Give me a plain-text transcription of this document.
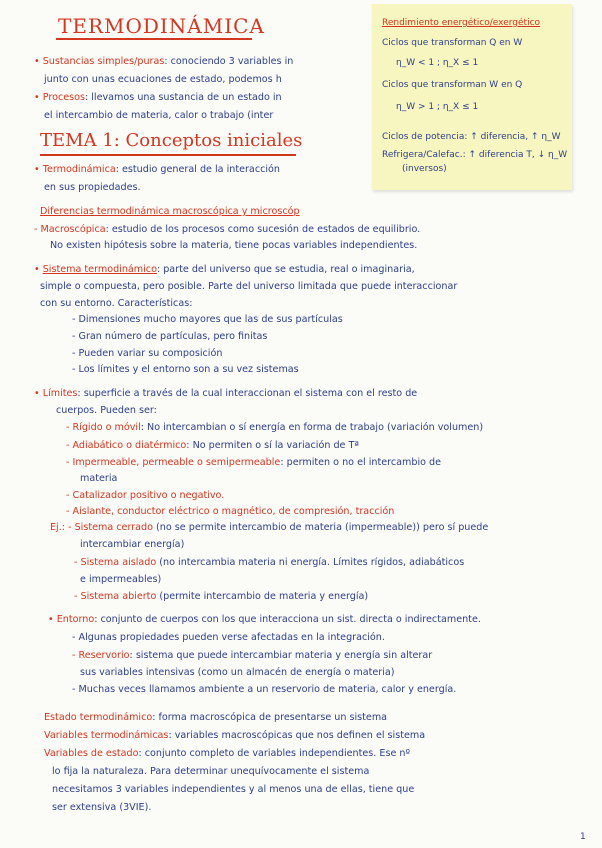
TERMODINÁMICA
• Sustancias simples/puras: conociendo 3 variables in
junto con unas ecuaciones de estado, podemos h
• Procesos: llevamos una sustancia de un estado in
el intercambio de materia, calor o trabajo (inter
Rendimiento energético/exergético
Ciclos que transforman Q en W
η_W < 1 ; η_X ≤ 1
Ciclos que transforman W en Q
η_W > 1 ; η_X ≤ 1
Ciclos de potencia: ↑ diferencia, ↑ η_W
Refrigera/Calefac.: ↑ diferencia T, ↓ η_W
(inversos)
TEMA 1: Conceptos iniciales
• Termodinámica: estudio general de la interacción
en sus propiedades.
Diferencias termodinámica macroscópica y microscóp
- Macroscópica: estudio de los procesos como sucesión de estados de equilibrio.
No existen hipótesis sobre la materia, tiene pocas variables independientes.
• Sistema termodinámico: parte del universo que se estudia, real o imaginaria,
simple o compuesta, pero posible. Parte del universo limitada que puede interaccionar
con su entorno. Características:
- Dimensiones mucho mayores que las de sus partículas
- Gran número de partículas, pero finitas
- Pueden variar su composición
- Los límites y el entorno son a su vez sistemas
• Límites: superficie a través de la cual interaccionan el sistema con el resto de
cuerpos. Pueden ser:
- Rígido o móvil: No intercambian o sí energía en forma de trabajo (variación volumen)
- Adiabático o diatérmico: No permiten o sí la variación de Tª
- Impermeable, permeable o semipermeable: permiten o no el intercambio de
materia
- Catalizador positivo o negativo.
- Aislante, conductor eléctrico o magnético, de compresión, tracción
Ej.: - Sistema cerrado (no se permite intercambio de materia (impermeable)) pero sí puede
intercambiar energía)
- Sistema aislado (no intercambia materia ni energía. Límites rígidos, adiabáticos
e impermeables)
- Sistema abierto (permite intercambio de materia y energía)
• Entorno: conjunto de cuerpos con los que interacciona un sist. directa o indirectamente.
- Algunas propiedades pueden verse afectadas en la integración.
- Reservorio: sistema que puede intercambiar materia y energía sin alterar
sus variables intensivas (como un almacén de energía o materia)
- Muchas veces llamamos ambiente a un reservorio de materia, calor y energía.
Estado termodinámico: forma macroscópica de presentarse un sistema
Variables termodinámicas: variables macroscópicas que nos definen el sistema
Variables de estado: conjunto completo de variables independientes. Ese nº
lo fija la naturaleza. Para determinar unequívocamente el sistema
necesitamos 3 variables independientes y al menos una de ellas, tiene que
ser extensiva (3VIE).
1
